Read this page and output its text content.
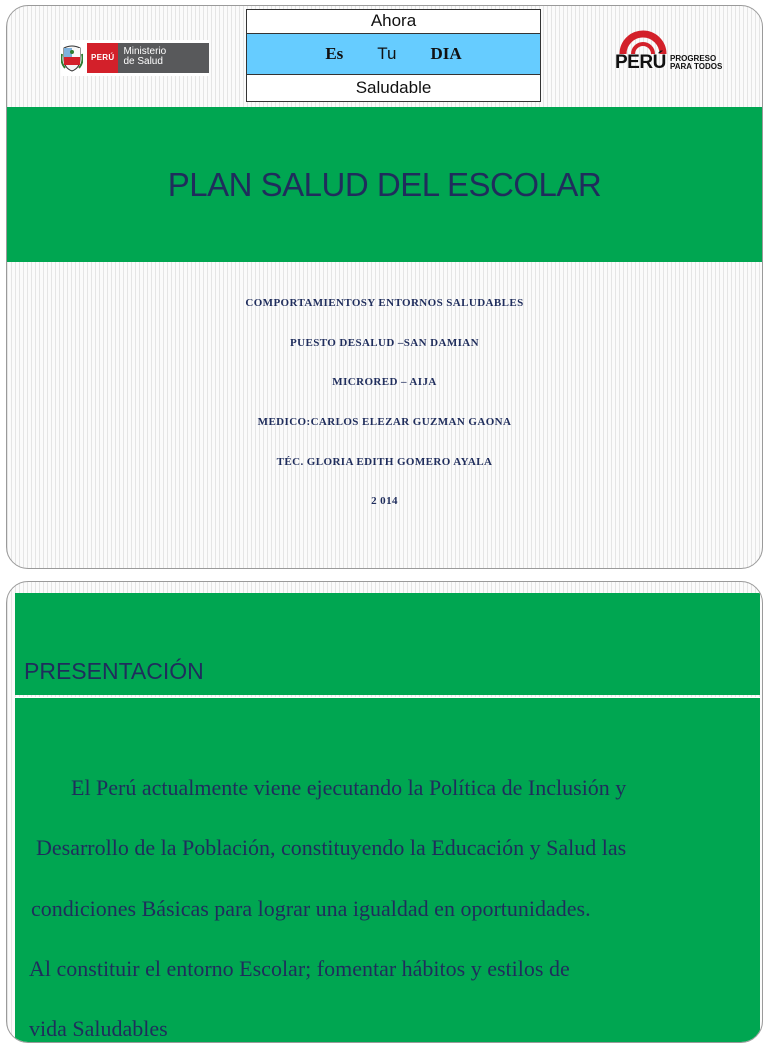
PERÚ
Ministerio
de Salud
Ahora
Es Tu DIA
Saludable
PERÚ PROGRESO
PARA TODOS
PLAN SALUD DEL ESCOLAR
COMPORTAMIENTOSY ENTORNOS SALUDABLES
PUESTO DESALUD –SAN DAMIAN
MICRORED – AIJA
MEDICO:CARLOS ELEZAR GUZMAN GAONA
TÉC. GLORIA EDITH GOMERO AYALA
2 014
PRESENTACIÓN
El Perú actualmente viene ejecutando la Política de Inclusión y
Desarrollo de la Población, constituyendo la Educación y Salud las
condiciones Básicas para lograr una igualdad en oportunidades.
Al constituir el entorno Escolar; fomentar hábitos y estilos de
vida Saludables
